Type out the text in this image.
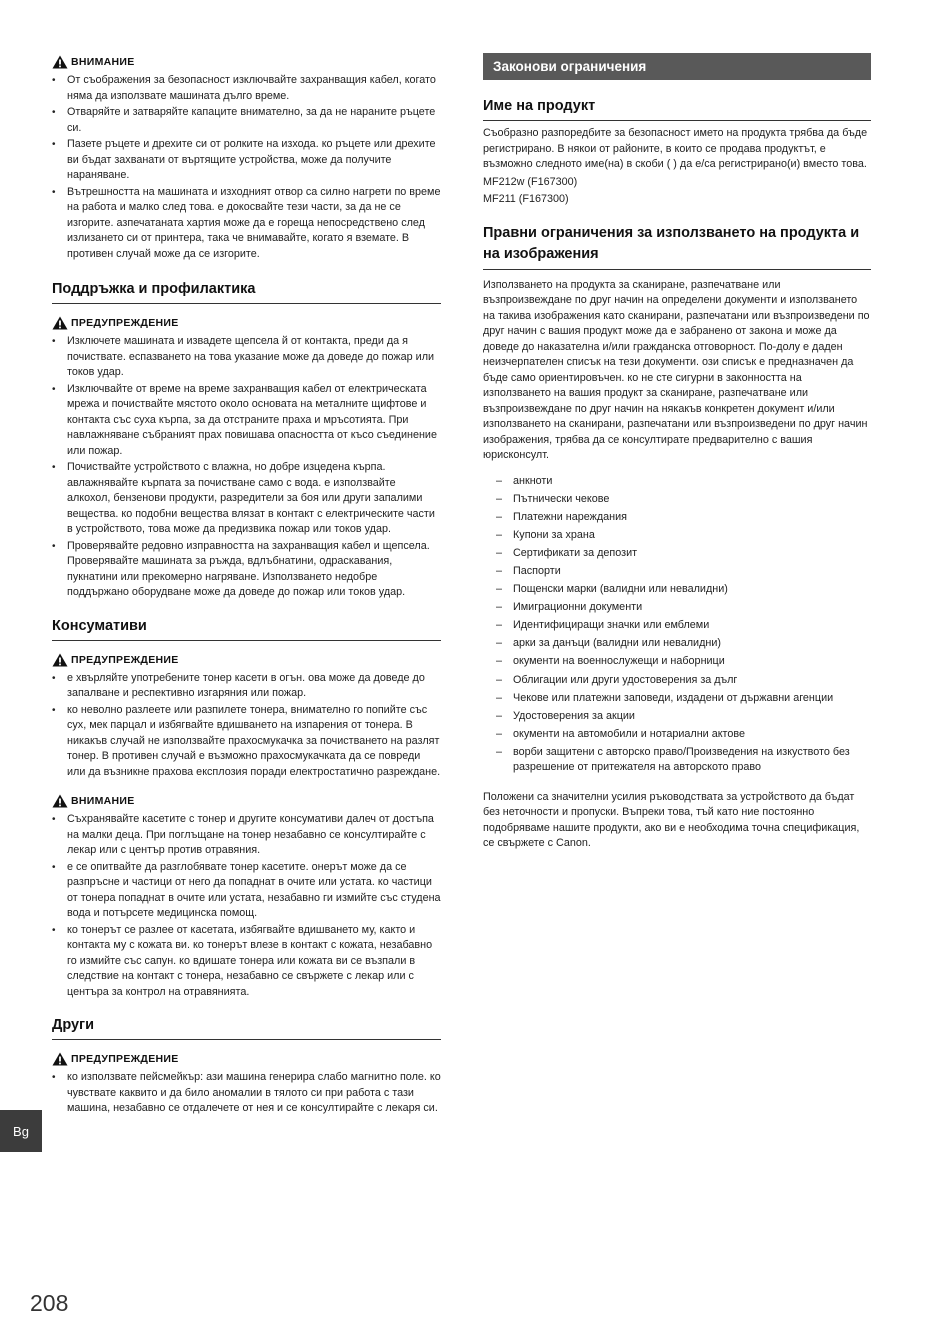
ВНИМАНИЕ
• От съображения за безопасност изключвайте захранващия кабел, когато няма да използвате машината дълго време.
• Отваряйте и затваряйте капаците внимателно, за да не нараните ръцете си.
• Пазете ръцете и дрехите си от ролките на изхода. ко ръцете или дрехите ви бъдат захванати от въртящите устройства, може да получите нараняване.
• Вътрешността на машината и изходният отвор са силно нагрети по време на работа и малко след това. е докосвайте тези части, за да не се изгорите. азпечатаната хартия може да е гореща непосредствено след излизането си от принтера, така че внимавайте, когато я вземате. В противен случай може да се изгорите.
Поддръжка и профилактика
ПРЕДУПРЕЖДЕНИЕ
• Изключете машината и извадете щепсела й от контакта, преди да я почиствате. еспазването на това указание може да доведе до пожар или токов удар.
• Изключвайте от време на време захранващия кабел от електрическата мрежа и почиствайте мястото около основата на металните щифтове и контакта със суха кърпа, за да отстраните праха и мръсотията. При навлажняване събраният прах повишава опасността от късо съединение или пожар.
• Почиствайте устройството с влажна, но добре изцедена кърпа. авлажнявайте кърпата за почистване само с вода. е използвайте алкохол, бензенови продукти, разредители за боя или други запалими вещества. ко подобни вещества влязат в контакт с електрическите части в устройството, това може да предизвика пожар или токов удар.
• Проверявайте редовно изправността на захранващия кабел и щепсела. Проверявайте машината за ръжда, вдлъбнатини, одраскавания, пукнатини или прекомерно нагряване. Използването недобре поддържано оборудване може да доведе до пожар или токов удар.
Консумативи
ПРЕДУПРЕЖДЕНИЕ
• е хвърляйте употребените тонер касети в огън. ова може да доведе до запалване и респективно изгаряния или пожар.
• ко неволно разлеете или разпилете тонера, внимателно го попийте със сух, мек парцал и избягвайте вдишването на изпарения от тонера. В никакъв случай не използвайте прахосмукачка за почистването на разлят тонер. В противен случай е възможно прахосмукачката да се повреди или да възникне прахова експлозия поради електростатично разреждане.
ВНИМАНИЕ
• Съхранявайте касетите с тонер и другите консумативи далеч от достъпа на малки деца. При поглъщане на тонер незабавно се консултирайте с лекар или с център против отравяния.
• е се опитвайте да разглобявате тонер касетите. онерът може да се разпръсне и частици от него да попаднат в очите или устата. ко частици от тонера попаднат в очите или устата, незабавно ги измийте със студена вода и потърсете медицинска помощ.
• ко тонерът се разлее от касетата, избягвайте вдишването му, както и контакта му с кожата ви. ко тонерът влезе в контакт с кожата, незабавно го измийте със сапун. ко вдишате тонера или кожата ви се възпали в следствие на контакт с тонера, незабавно се свържете с лекар или с центъра за контрол на отравянията.
Други
ПРЕДУПРЕЖДЕНИЕ
• ко използвате пейсмейкър: ази машина генерира слабо магнитно поле. ко чувствате каквито и да било аномалии в тялото си при работа с тази машина, незабавно се отдалечете от нея и се консултирайте с лекаря си.
Законови ограничения
Име на продукт

Съобразно разпоредбите за безопасност името на продукта трябва да бъде регистрирано. В някои от районите, в които се продава продуктът, е възможно следното име(на) в скоби ( ) да е/са регистрирано(и) вместо това.

MF212w (F167300)

MF211 (F167300)

Правни ограничения за използването на продукта и на изображения

Използването на продукта за сканиране, разпечатване или възпроизвеждане по друг начин на определени документи и използването на такива изображения като сканирани, разпечатани или възпроизведени по друг начин с вашия продукт може да е забранено от закона и може да доведе до наказателна и/или гражданска отговорност. По-долу е даден неизчерпателен списък на тези документи. ози списък е предназначен да бъде само ориентировъчен. ко не сте сигурни в законността на използването на вашия продукт за сканиране, разпечатване или възпроизвеждане по друг начин на някакъв конкретен документ и/или използването на сканирани, разпечатани или възпроизведени по друг начин изображения, трябва да се консултирате предварително с вашия юрисконсулт.

– анкноти
– Пътнически чекове
– Платежни нареждания
– Купони за храна
– Сертификати за депозит
– Паспорти
– Пощенски марки (валидни или невалидни)
– Имиграционни документи
– Идентифициращи значки или емблеми
– арки за данъци (валидни или невалидни)
– окументи на военнослужещи и наборници
– Облигации или други удостоверения за дълг
– Чекове или платежни заповеди, издадени от държавни агенции
– Удостоверения за акции
– окументи на автомобили и нотариални актове
– ворби защитени с авторско право/Произведения на изкуството без разрешение от притежателя на авторското право

Положени са значителни усилия ръководствата за устройството да бъдат без неточности и пропуски. Въпреки това, тъй като ние постоянно подобряваме нашите продукти, ако ви е необходима точна спецификация, се свържете с Canon.

Bg
208
